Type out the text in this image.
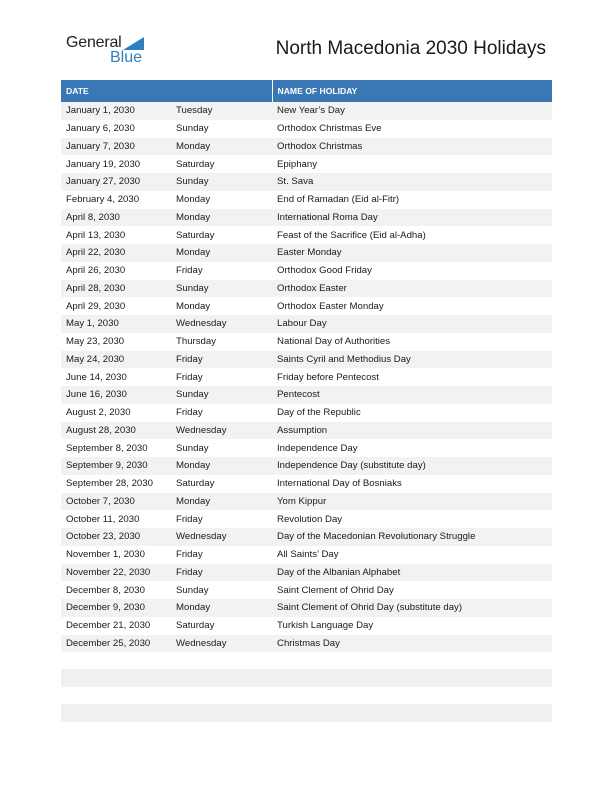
General
Blue	North Macedonia 2030 Holidays
DATE		NAME OF HOLIDAY
January 1, 2030	Tuesday	New Year’s Day
January 6, 2030	Sunday	Orthodox Christmas Eve
January 7, 2030	Monday	Orthodox Christmas
January 19, 2030	Saturday	Epiphany
January 27, 2030	Sunday	St. Sava
February 4, 2030	Monday	End of Ramadan (Eid al-Fitr)
April 8, 2030	Monday	International Roma Day
April 13, 2030	Saturday	Feast of the Sacrifice (Eid al-Adha)
April 22, 2030	Monday	Easter Monday
April 26, 2030	Friday	Orthodox Good Friday
April 28, 2030	Sunday	Orthodox Easter
April 29, 2030	Monday	Orthodox Easter Monday
May 1, 2030	Wednesday	Labour Day
May 23, 2030	Thursday	National Day of Authorities
May 24, 2030	Friday	Saints Cyril and Methodius Day
June 14, 2030	Friday	Friday before Pentecost
June 16, 2030	Sunday	Pentecost
August 2, 2030	Friday	Day of the Republic
August 28, 2030	Wednesday	Assumption
September 8, 2030	Sunday	Independence Day
September 9, 2030	Monday	Independence Day (substitute day)
September 28, 2030	Saturday	International Day of Bosniaks
October 7, 2030	Monday	Yom Kippur
October 11, 2030	Friday	Revolution Day
October 23, 2030	Wednesday	Day of the Macedonian Revolutionary Struggle
November 1, 2030	Friday	All Saints’ Day
November 22, 2030	Friday	Day of the Albanian Alphabet
December 8, 2030	Sunday	Saint Clement of Ohrid Day
December 9, 2030	Monday	Saint Clement of Ohrid Day (substitute day)
December 21, 2030	Saturday	Turkish Language Day
December 25, 2030	Wednesday	Christmas Day
